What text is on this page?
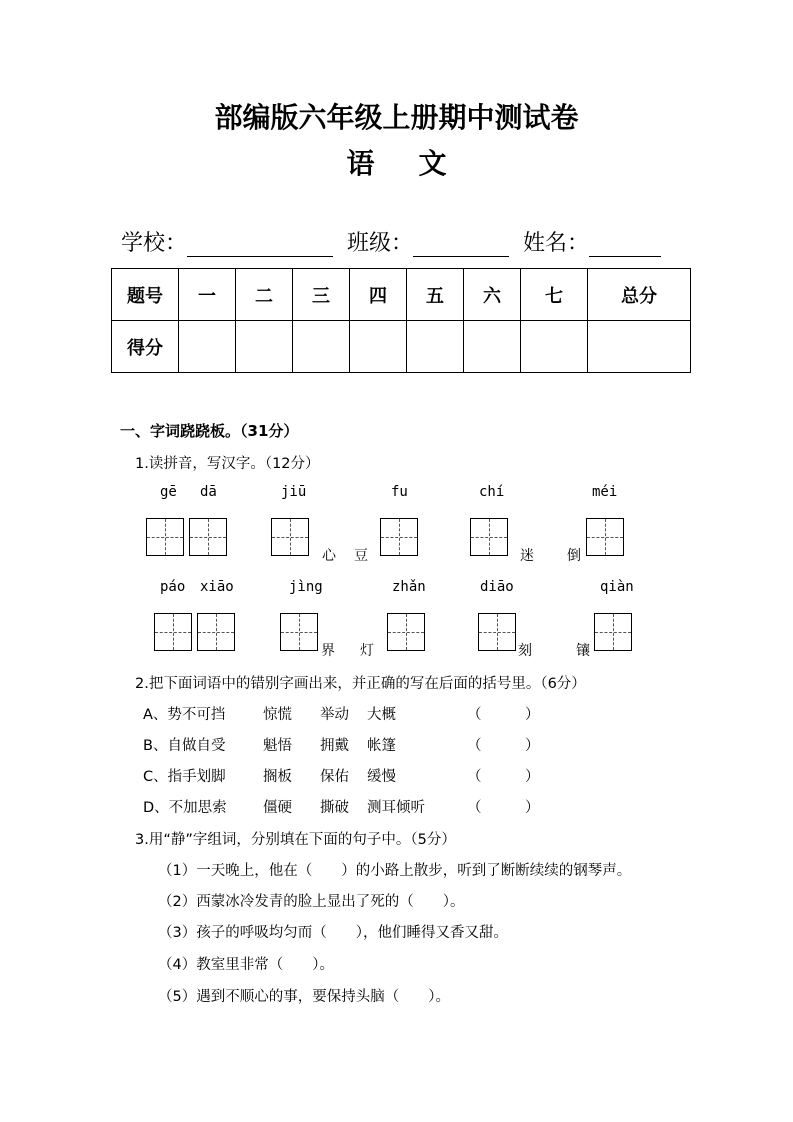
部编版六年级上册期中测试卷
语文
学校：	班级：	姓名：
题号	一	二	三	四	五	六	七	总分
得分								
一、字词跷跷板。（31分）
1.读拼音，写汉字。（12分）
gē dā	jiū	fu	chí	méi
心 豆	迷 倒
páo xiāo	jìng	zhǎn	diāo	qiàn
界 灯	刻	镶
2.把下面词语中的错别字画出来，并正确的写在后面的括号里。（6分）
A、势不可挡	惊慌 举动 大概	（　　　）
B、自做自受	魁悟 拥戴 帐篷	（　　　）
C、指手划脚	搁板 保佑 缓慢	（　　　）
D、不加思索	僵硬 撕破 测耳倾听	（　　　）
3.用“静”字组词，分别填在下面的句子中。（5分）
（1）一天晚上，他在（　　）的小路上散步，听到了断断续续的钢琴声。
（2）西蒙冰冷发青的脸上显出了死的（　　）。
（3）孩子的呼吸均匀而（　　），他们睡得又香又甜。
（4）教室里非常（　　）。
（5）遇到不顺心的事，要保持头脑（　　）。
